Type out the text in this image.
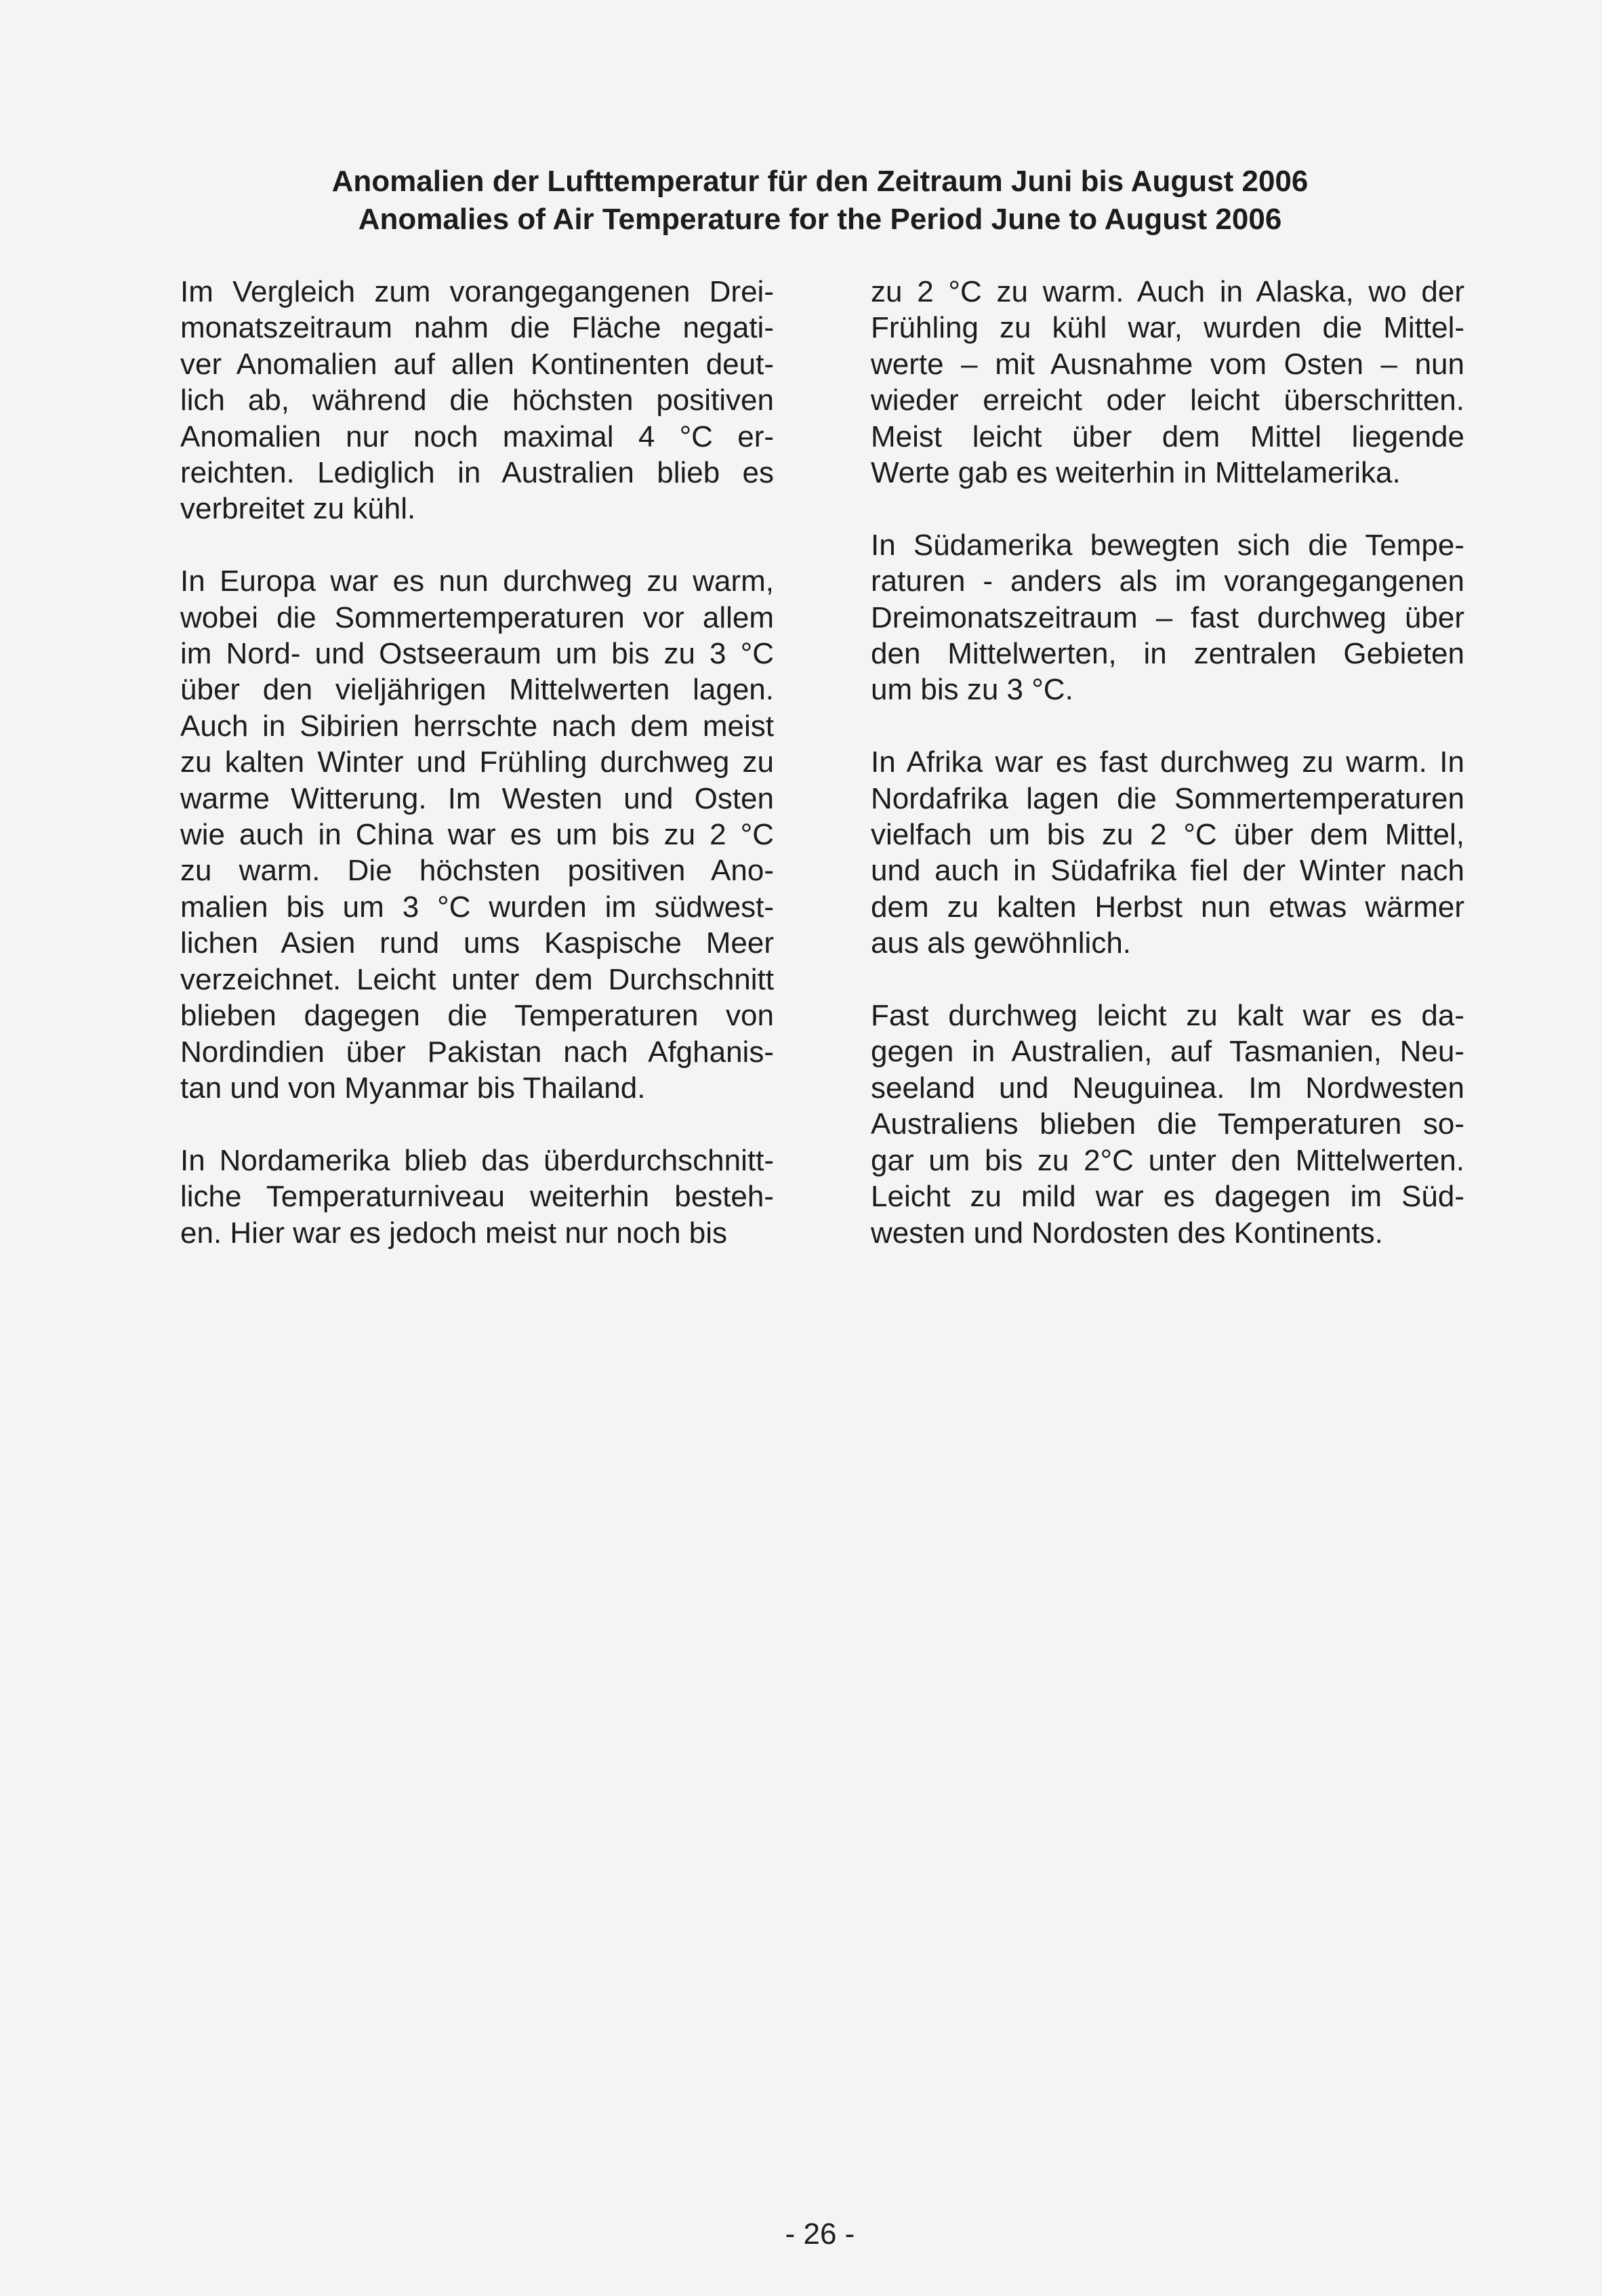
Anomalien der Lufttemperatur für den Zeitraum Juni bis August 2006
Anomalies of Air Temperature for the Period June to August 2006

Im Vergleich zum vorangegangenen Drei-
monatszeitraum nahm die Fläche negati-
ver Anomalien auf allen Kontinenten deut-
lich ab, während die höchsten positiven
Anomalien nur noch maximal 4 °C er-
reichten. Lediglich in Australien blieb es
verbreitet zu kühl.

In Europa war es nun durchweg zu warm,
wobei die Sommertemperaturen vor allem
im Nord- und Ostseeraum um bis zu 3 °C
über den vieljährigen Mittelwerten lagen.
Auch in Sibirien herrschte nach dem meist
zu kalten Winter und Frühling durchweg zu
warme Witterung. Im Westen und Osten
wie auch in China war es um bis zu 2 °C
zu warm. Die höchsten positiven Ano-
malien bis um 3 °C wurden im südwest-
lichen Asien rund ums Kaspische Meer
verzeichnet. Leicht unter dem Durchschnitt
blieben dagegen die Temperaturen von
Nordindien über Pakistan nach Afghanis-
tan und von Myanmar bis Thailand.

In Nordamerika blieb das überdurchschnitt-
liche Temperaturniveau weiterhin besteh-
en. Hier war es jedoch meist nur noch bis

zu 2 °C zu warm. Auch in Alaska, wo der
Frühling zu kühl war, wurden die Mittel-
werte – mit Ausnahme vom Osten – nun
wieder erreicht oder leicht überschritten.
Meist leicht über dem Mittel liegende
Werte gab es weiterhin in Mittelamerika.

In Südamerika bewegten sich die Tempe-
raturen - anders als im vorangegangenen
Dreimonatszeitraum – fast durchweg über
den Mittelwerten, in zentralen Gebieten
um bis zu 3 °C.

In Afrika war es fast durchweg zu warm. In
Nordafrika lagen die Sommertemperaturen
vielfach um bis zu 2 °C über dem Mittel,
und auch in Südafrika fiel der Winter nach
dem zu kalten Herbst nun etwas wärmer
aus als gewöhnlich.

Fast durchweg leicht zu kalt war es da-
gegen in Australien, auf Tasmanien, Neu-
seeland und Neuguinea. Im Nordwesten
Australiens blieben die Temperaturen so-
gar um bis zu 2°C unter den Mittelwerten.
Leicht zu mild war es dagegen im Süd-
westen und Nordosten des Kontinents.

- 26 -
